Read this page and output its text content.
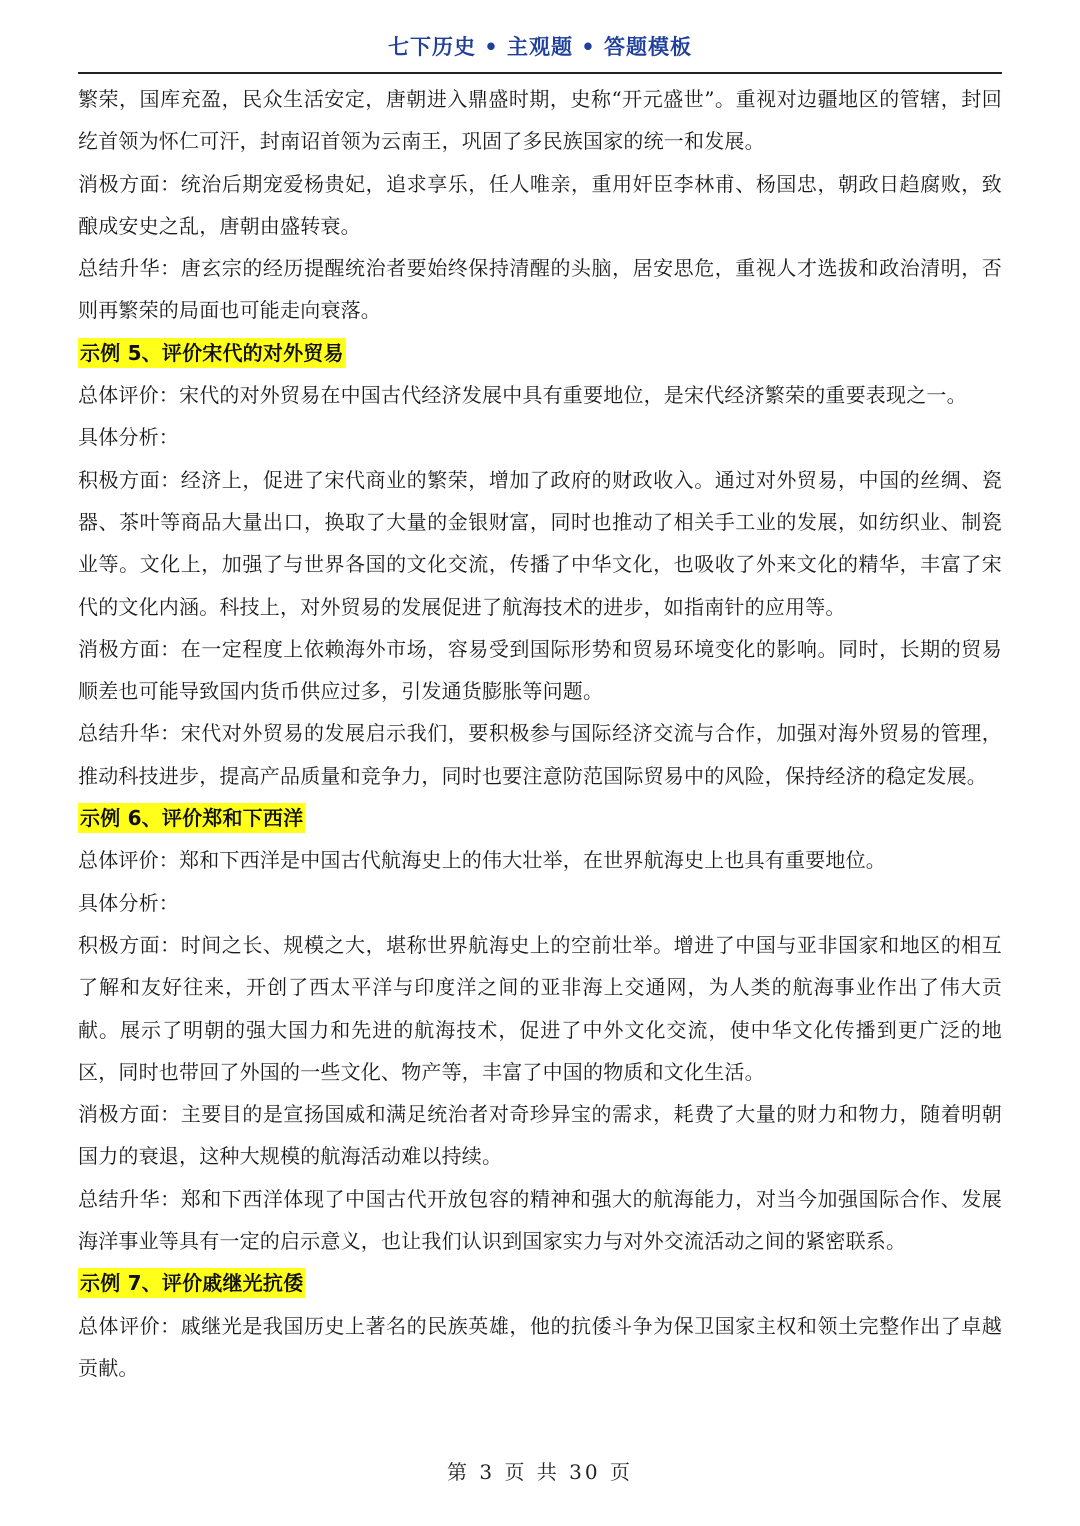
七下历史 • 主观题 • 答题模板

繁荣，国库充盈，民众生活安定，唐朝进入鼎盛时期，史称“开元盛世”。重视对边疆地区的管辖，封回纥首领为怀仁可汗，封南诏首领为云南王，巩固了多民族国家的统一和发展。

消极方面：统治后期宠爱杨贵妃，追求享乐，任人唯亲，重用奸臣李林甫、杨国忠，朝政日趋腐败，致酿成安史之乱，唐朝由盛转衰。

总结升华：唐玄宗的经历提醒统治者要始终保持清醒的头脑，居安思危，重视人才选拔和政治清明，否则再繁荣的局面也可能走向衰落。

示例 5、评价宋代的对外贸易

总体评价：宋代的对外贸易在中国古代经济发展中具有重要地位，是宋代经济繁荣的重要表现之一。

具体分析：

积极方面：经济上，促进了宋代商业的繁荣，增加了政府的财政收入。通过对外贸易，中国的丝绸、瓷器、茶叶等商品大量出口，换取了大量的金银财富，同时也推动了相关手工业的发展，如纺织业、制瓷业等。文化上，加强了与世界各国的文化交流，传播了中华文化，也吸收了外来文化的精华，丰富了宋代的文化内涵。科技上，对外贸易的发展促进了航海技术的进步，如指南针的应用等。

消极方面：在一定程度上依赖海外市场，容易受到国际形势和贸易环境变化的影响。同时，长期的贸易顺差也可能导致国内货币供应过多，引发通货膨胀等问题。

总结升华：宋代对外贸易的发展启示我们，要积极参与国际经济交流与合作，加强对海外贸易的管理，推动科技进步，提高产品质量和竞争力，同时也要注意防范国际贸易中的风险，保持经济的稳定发展。

示例 6、评价郑和下西洋

总体评价：郑和下西洋是中国古代航海史上的伟大壮举，在世界航海史上也具有重要地位。

具体分析：

积极方面：时间之长、规模之大，堪称世界航海史上的空前壮举。增进了中国与亚非国家和地区的相互了解和友好往来，开创了西太平洋与印度洋之间的亚非海上交通网，为人类的航海事业作出了伟大贡献。展示了明朝的强大国力和先进的航海技术，促进了中外文化交流，使中华文化传播到更广泛的地区，同时也带回了外国的一些文化、物产等，丰富了中国的物质和文化生活。

消极方面：主要目的是宣扬国威和满足统治者对奇珍异宝的需求，耗费了大量的财力和物力，随着明朝国力的衰退，这种大规模的航海活动难以持续。

总结升华：郑和下西洋体现了中国古代开放包容的精神和强大的航海能力，对当今加强国际合作、发展海洋事业等具有一定的启示意义，也让我们认识到国家实力与对外交流活动之间的紧密联系。

示例 7、评价戚继光抗倭

总体评价：戚继光是我国历史上著名的民族英雄，他的抗倭斗争为保卫国家主权和领土完整作出了卓越贡献。

第 3 页 共 30 页
